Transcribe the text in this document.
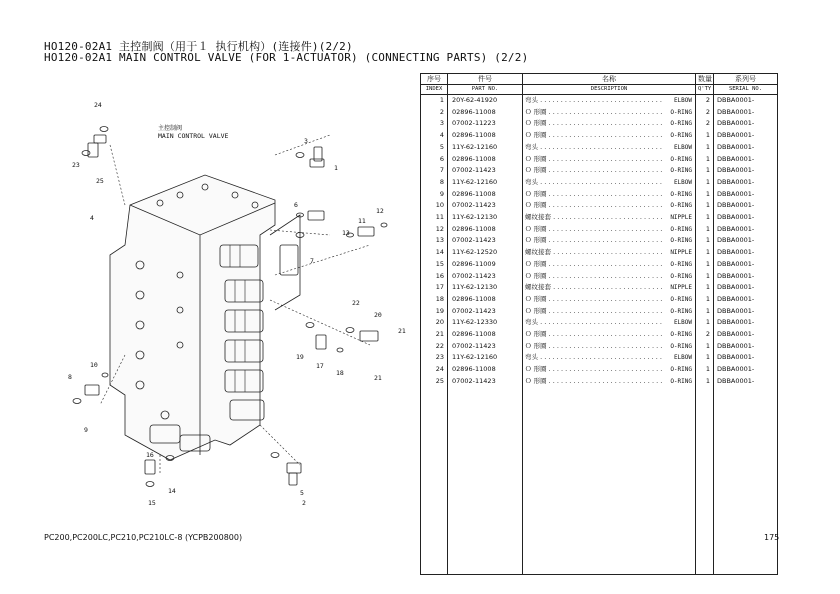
HO120-02A1 主控制阀（用于１ 执行机构）(连接件)(2/2)
HO120-02A1 MAIN CONTROL VALVE (FOR 1-ACTUATOR) (CONNECTING PARTS) (2/2)
主控制阀
MAIN CONTROL VALVE
24
23
25
4
3
1
6
7
13
11
12
2
22
20
19
17
18
21
21
10
8
9
16
14
15
5
序号	件号	名称	数量	系列号
INDEX	PART NO.	DESCRIPTION	Q'TY	SERIAL NO.
1	20Y-62-41920	弯头 . . . . . . . . . . . . . . . . . . . . . . . . . . . . . . ELBOW	2	DBBA0001-
2	02896-11008	Ｏ 形圈 . . . . . . . . . . . . . . . . . . . . . . . . . . . . O-RING	2	DBBA0001-
3	07002-11223	Ｏ 形圈 . . . . . . . . . . . . . . . . . . . . . . . . . . . . O-RING	2	DBBA0001-
4	02896-11008	Ｏ 形圈 . . . . . . . . . . . . . . . . . . . . . . . . . . . . O-RING	1	DBBA0001-
5	11Y-62-12160	弯头 . . . . . . . . . . . . . . . . . . . . . . . . . . . . . . ELBOW	1	DBBA0001-
6	02896-11008	Ｏ 形圈 . . . . . . . . . . . . . . . . . . . . . . . . . . . . O-RING	1	DBBA0001-
7	07002-11423	Ｏ 形圈 . . . . . . . . . . . . . . . . . . . . . . . . . . . . O-RING	1	DBBA0001-
8	11Y-62-12160	弯头 . . . . . . . . . . . . . . . . . . . . . . . . . . . . . . ELBOW	1	DBBA0001-
9	02896-11008	Ｏ 形圈 . . . . . . . . . . . . . . . . . . . . . . . . . . . . O-RING	1	DBBA0001-
10	07002-11423	Ｏ 形圈 . . . . . . . . . . . . . . . . . . . . . . . . . . . . O-RING	1	DBBA0001-
11	11Y-62-12130	螺纹接套 . . . . . . . . . . . . . . . . . . . . . . . . . . . NIPPLE	1	DBBA0001-
12	02896-11008	Ｏ 形圈 . . . . . . . . . . . . . . . . . . . . . . . . . . . . O-RING	1	DBBA0001-
13	07002-11423	Ｏ 形圈 . . . . . . . . . . . . . . . . . . . . . . . . . . . . O-RING	1	DBBA0001-
14	11Y-62-12520	螺纹接套 . . . . . . . . . . . . . . . . . . . . . . . . . . . NIPPLE	1	DBBA0001-
15	02896-11009	Ｏ 形圈 . . . . . . . . . . . . . . . . . . . . . . . . . . . . O-RING	1	DBBA0001-
16	07002-11423	Ｏ 形圈 . . . . . . . . . . . . . . . . . . . . . . . . . . . . O-RING	1	DBBA0001-
17	11Y-62-12130	螺纹接套 . . . . . . . . . . . . . . . . . . . . . . . . . . . NIPPLE	1	DBBA0001-
18	02896-11008	Ｏ 形圈 . . . . . . . . . . . . . . . . . . . . . . . . . . . . O-RING	1	DBBA0001-
19	07002-11423	Ｏ 形圈 . . . . . . . . . . . . . . . . . . . . . . . . . . . . O-RING	1	DBBA0001-
20	11Y-62-12330	弯头 . . . . . . . . . . . . . . . . . . . . . . . . . . . . . . ELBOW	1	DBBA0001-
21	02896-11008	Ｏ 形圈 . . . . . . . . . . . . . . . . . . . . . . . . . . . . O-RING	2	DBBA0001-
22	07002-11423	Ｏ 形圈 . . . . . . . . . . . . . . . . . . . . . . . . . . . . O-RING	1	DBBA0001-
23	11Y-62-12160	弯头 . . . . . . . . . . . . . . . . . . . . . . . . . . . . . . ELBOW	1	DBBA0001-
24	02896-11008	Ｏ 形圈 . . . . . . . . . . . . . . . . . . . . . . . . . . . . O-RING	1	DBBA0001-
25	07002-11423	Ｏ 形圈 . . . . . . . . . . . . . . . . . . . . . . . . . . . . O-RING	1	DBBA0001-

PC200,PC200LC,PC210,PC210LC-8 (YCPB200800)	175
